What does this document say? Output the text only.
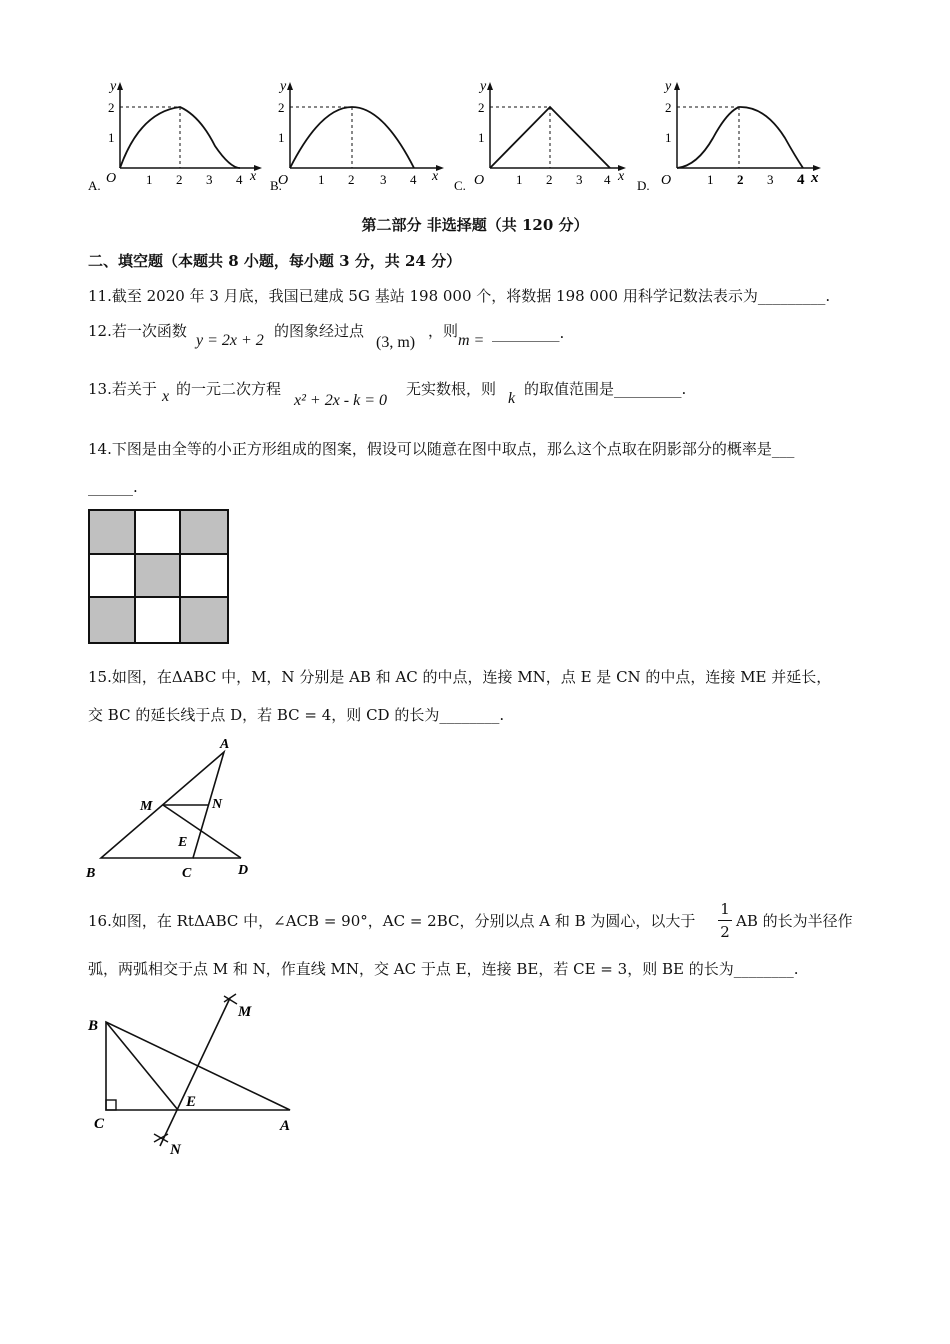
A.
y
x
O
2
1
1 2 3 4 B.
y
x
O
2
1
1 2 3 4	C.
y
x
O
2
1
1 2 3 4 D.
y
x
O
2
1
1 2 3 4
第二部分 非选择题（共 120 分）
二、填空题（本题共 8 小题，每小题 3 分，共 24 分）
11.截至 2020 年 3 月底，我国已建成 5G 基站 198 000 个，将数据 198 000 用科学记数法表示为_________.
12.若一次函数
y = 2x + 2
的图象经过点
(3, m)
，则
m = _________.
13.若关于 x 的一元二次方程
x² + 2x - k = 0
无实数根，则
k
的取值范围是_________.
14.下图是由全等的小正方形组成的图案，假设可以随意在图中取点，那么这个点取在阴影部分的概率是___
______.
15.如图，在ΔABC 中，M，N 分别是 AB 和 AC 的中点，连接 MN，点 E 是 CN 的中点，连接 ME 并延长，
交 BC 的延长线于点 D，若 BC = 4，则 CD 的长为________.
A
M	N
E
B	C	D
16.如图，在 RtΔABC 中，∠ACB = 90°，AC = 2BC，分别以点 A 和 B 为圆心，以大于
1
2
AB 的长为半径作
弧，两弧相交于点 M 和 N，作直线 MN，交 AC 于点 E，连接 BE，若 CE = 3，则 BE 的长为________.
B
C	A
E
M
N
